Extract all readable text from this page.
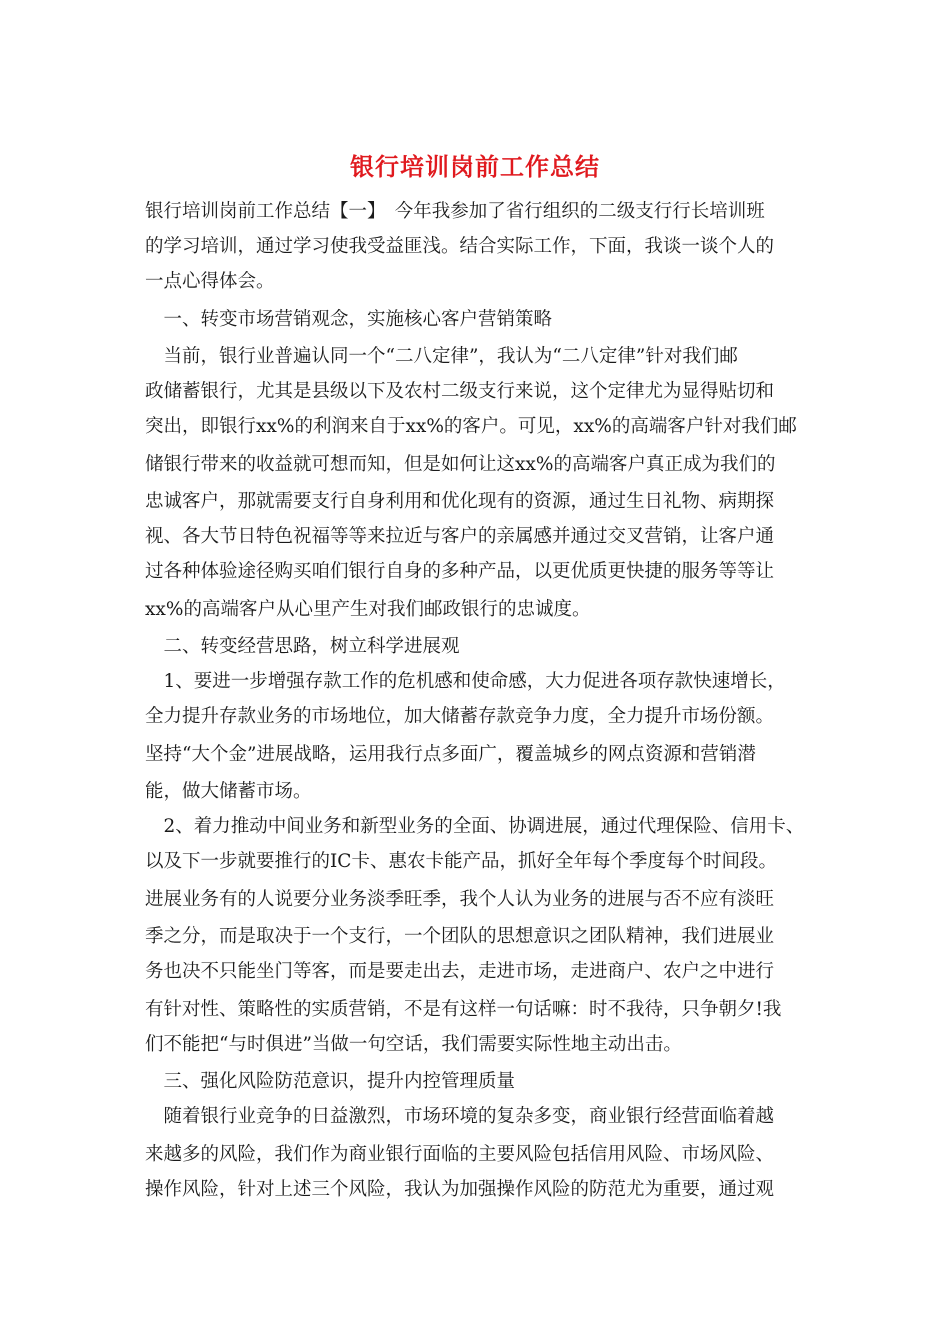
银行培训岗前工作总结
银行培训岗前工作总结【一】　今年我参加了省行组织的二级支行行长培训班
的学习培训，通过学习使我受益匪浅。结合实际工作，下面，我谈一谈个人的
一点心得体会。
　一、转变市场营销观念，实施核心客户营销策略
　当前，银行业普遍认同一个“二八定律”，我认为“二八定律”针对我们邮
政储蓄银行，尤其是县级以下及农村二级支行来说，这个定律尤为显得贴切和
突出，即银行xx%的利润来自于xx%的客户。可见，xx%的高端客户针对我们邮
储银行带来的收益就可想而知，但是如何让这xx%的高端客户真正成为我们的
忠诚客户，那就需要支行自身利用和优化现有的资源，通过生日礼物、病期探
视、各大节日特色祝福等等来拉近与客户的亲属感并通过交叉营销，让客户通
过各种体验途径购买咱们银行自身的多种产品，以更优质更快捷的服务等等让
xx%的高端客户从心里产生对我们邮政银行的忠诚度。
　二、转变经营思路，树立科学进展观
　1、要进一步增强存款工作的危机感和使命感，大力促进各项存款快速增长，
全力提升存款业务的市场地位，加大储蓄存款竞争力度，全力提升市场份额。
坚持“大个金”进展战略，运用我行点多面广，覆盖城乡的网点资源和营销潜
能，做大储蓄市场。
　2、着力推动中间业务和新型业务的全面、协调进展，通过代理保险、信用卡、
以及下一步就要推行的IC卡、惠农卡能产品，抓好全年每个季度每个时间段。
进展业务有的人说要分业务淡季旺季，我个人认为业务的进展与否不应有淡旺
季之分，而是取决于一个支行，一个团队的思想意识之团队精神，我们进展业
务也决不只能坐门等客，而是要走出去，走进市场，走进商户、农户之中进行
有针对性、策略性的实质营销，不是有这样一句话嘛：时不我待，只争朝夕!我
们不能把“与时俱进”当做一句空话，我们需要实际性地主动出击。
　三、强化风险防范意识，提升内控管理质量
　随着银行业竞争的日益激烈，市场环境的复杂多变，商业银行经营面临着越
来越多的风险，我们作为商业银行面临的主要风险包括信用风险、市场风险、
操作风险，针对上述三个风险，我认为加强操作风险的防范尤为重要，通过观
